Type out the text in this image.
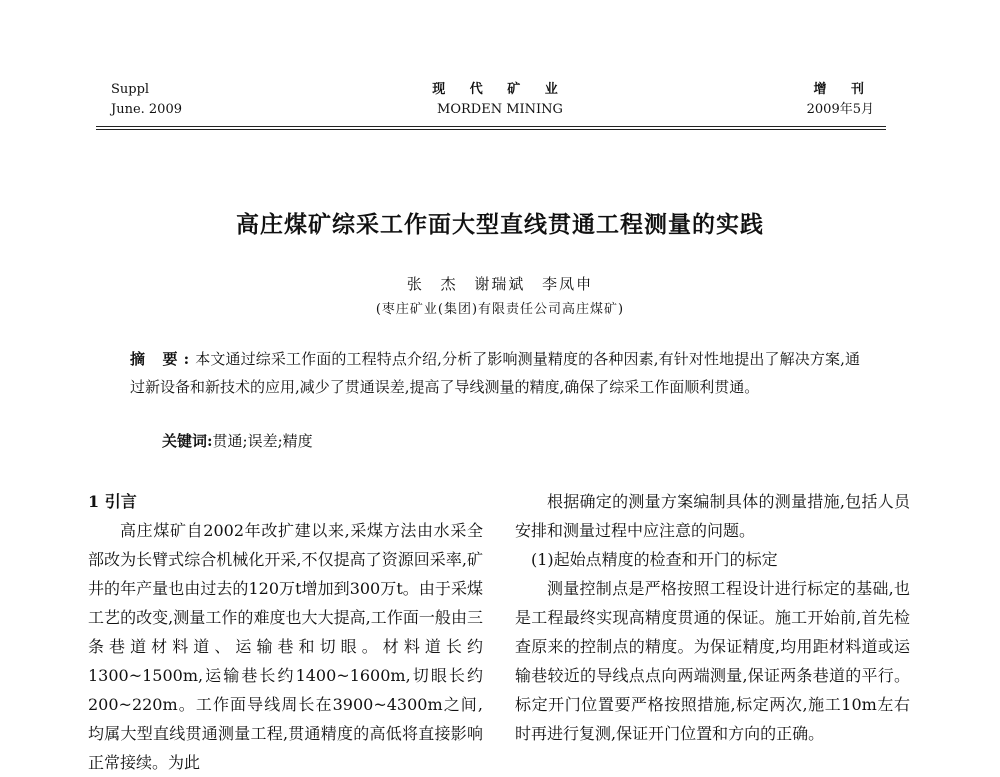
Suppl
June. 2009
现 代 矿 业
MORDEN MINING
增 刊
2009年5月
高庄煤矿综采工作面大型直线贯通工程测量的实践
张 杰 谢瑞斌 李凤申
(枣庄矿业(集团)有限责任公司高庄煤矿)
摘 要:本文通过综采工作面的工程特点介绍,分析了影响测量精度的各种因素,有针对性地提出了解决方案,通过新设备和新技术的应用,减少了贯通误差,提高了导线测量的精度,确保了综采工作面顺利贯通。
关键词:贯通;误差;精度

1 引言

高庄煤矿自2002年改扩建以来,采煤方法由水采全部改为长臂式综合机械化开采,不仅提高了资源回采率,矿井的年产量也由过去的120万t增加到300万t。由于采煤工艺的改变,测量工作的难度也大大提高,工作面一般由三条巷道材料道、运输巷和切眼。材料道长约1300~1500m,运输巷长约1400~1600m,切眼长约200~220m。工作面导线周长在3900~4300m之间,均属大型直线贯通测量工程,贯通精度的高低将直接影响正常接续。为此

根据确定的测量方案编制具体的测量措施,包括人员安排和测量过程中应注意的问题。

(1)起始点精度的检查和开门的标定

测量控制点是严格按照工程设计进行标定的基础,也是工程最终实现高精度贯通的保证。施工开始前,首先检查原来的控制点的精度。为保证精度,均用距材料道或运输巷较近的导线点点向两端测量,保证两条巷道的平行。标定开门位置要严格按照措施,标定两次,施工10m左右时再进行复测,保证开门位置和方向的正确。
